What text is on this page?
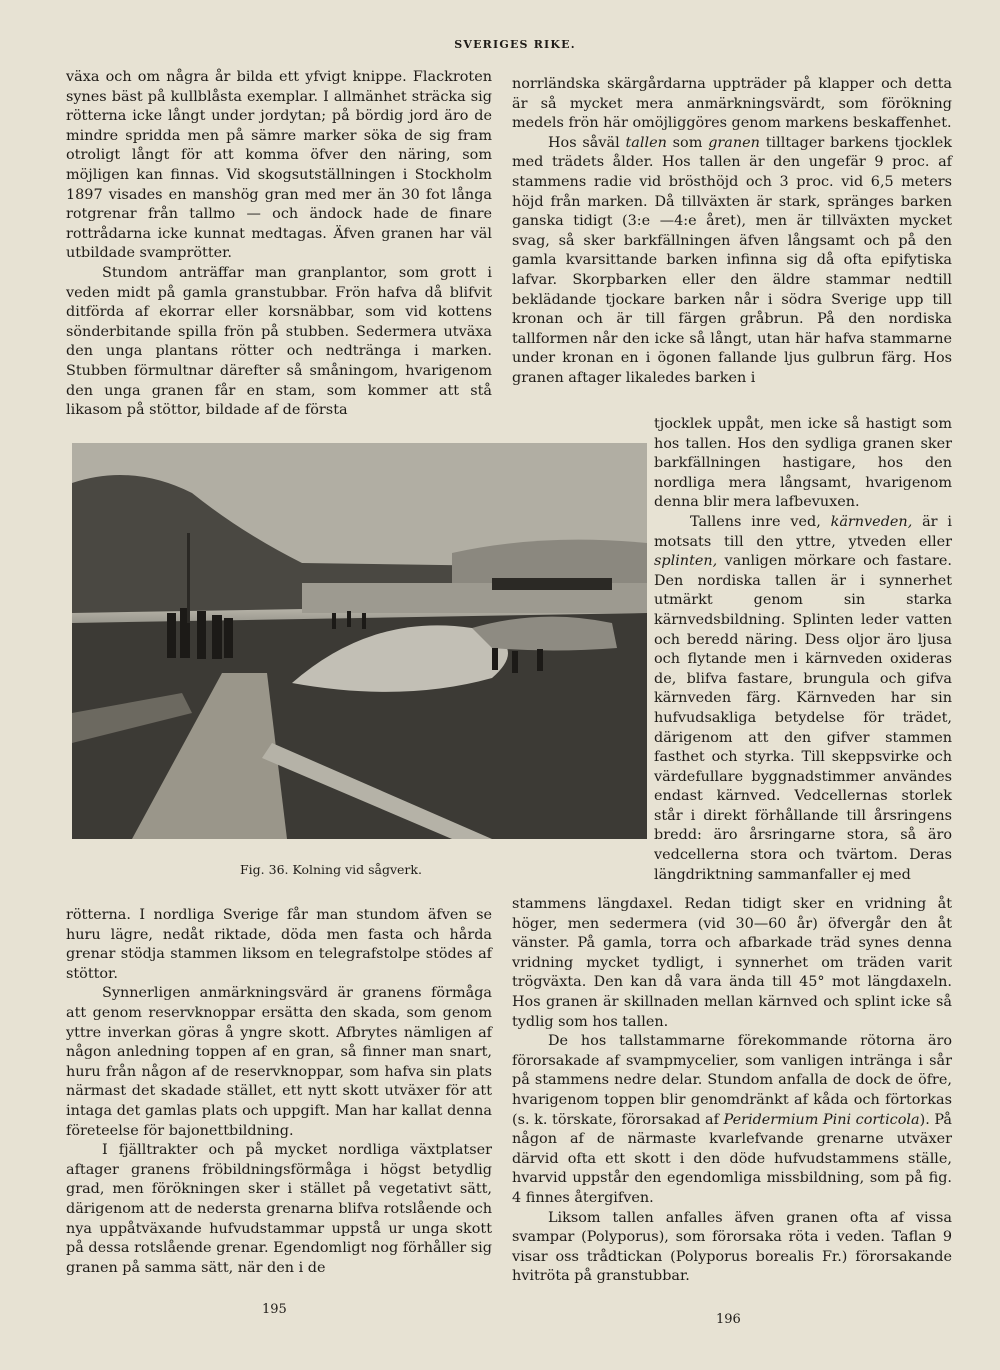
SVERIGES RIKE.

växa och om några år bilda ett yfvigt knippe. Flackroten synes bäst på kullblåsta exemplar. I allmänhet sträcka sig rötterna icke långt under jordytan; på bördig jord äro de mindre spridda men på sämre marker söka de sig fram otroligt långt för att komma öfver den näring, som möjligen kan finnas. Vid skogsutställningen i Stockholm 1897 visades en manshög gran med mer än 30 fot långa rotgrenar från tallmo — och ändock hade de finare rottrådarna icke kunnat medtagas. Äfven granen har väl utbildade svamprötter.

Stundom anträffar man granplantor, som grott i veden midt på gamla granstubbar. Frön hafva då blifvit ditförda af ekorrar eller korsnäbbar, som vid kottens sönderbitande spilla frön på stubben. Sedermera utväxa den unga plantans rötter och nedtränga i marken. Stubben förmultnar därefter så småningom, hvarigenom den unga granen får en stam, som kommer att stå likasom på stöttor, bildade af de första

Fig. 36. Kolning vid sågverk.

rötterna. I nordliga Sverige får man stundom äfven se huru lägre, nedåt riktade, döda men fasta och hårda grenar stödja stammen liksom en telegrafstolpe stödes af stöttor.

Synnerligen anmärkningsvärd är granens förmåga att genom reservknoppar ersätta den skada, som genom yttre inverkan göras å yngre skott. Afbrytes nämligen af någon anledning toppen af en gran, så finner man snart, huru från någon af de reservknoppar, som hafva sin plats närmast det skadade stället, ett nytt skott utväxer för att intaga det gamlas plats och uppgift. Man har kallat denna företeelse för bajonettbildning.

I fjälltrakter och på mycket nordliga växtplatser aftager granens fröbildningsförmåga i högst betydlig grad, men förökningen sker i stället på vegetativt sätt, därigenom att de nedersta grenarna blifva rotslående och nya uppåtväxande hufvudstammar uppstå ur unga skott på dessa rotslående grenar. Egendomligt nog förhåller sig granen på samma sätt, när den i de

norrländska skärgårdarna uppträder på klapper och detta är så mycket mera anmärkningsvärdt, som förökning medels frön här omöjliggöres genom markens beskaffenhet.

Hos såväl tallen som granen tilltager barkens tjocklek med trädets ålder. Hos tallen är den ungefär 9 proc. af stammens radie vid brösthöjd och 3 proc. vid 6,5 meters höjd från marken. Då tillväxten är stark, spränges barken ganska tidigt (3:e —4:e året), men är tillväxten mycket svag, så sker barkfällningen äfven långsamt och på den gamla kvarsittande barken infinna sig då ofta epifytiska lafvar. Skorpbarken eller den äldre stammar nedtill beklädande tjockare barken når i södra Sverige upp till kronan och är till färgen gråbrun. På den nordiska tallformen når den icke så långt, utan här hafva stammarne under kronan en i ögonen fallande ljus gulbrun färg. Hos granen aftager likaledes barken i

tjocklek uppåt, men icke så hastigt som hos tallen. Hos den sydliga granen sker barkfällningen hastigare, hos den nordliga mera långsamt, hvarigenom denna blir mera lafbevuxen.

Tallens inre ved, kärnveden, är i motsats till den yttre, ytveden eller splinten, vanligen mörkare och fastare. Den nordiska tallen är i synnerhet utmärkt genom sin starka kärnvedsbildning. Splinten leder vatten och beredd näring. Dess oljor äro ljusa och flytande men i kärnveden oxideras de, blifva fastare, brungula och gifva kärnveden färg. Kärnveden har sin hufvudsakliga betydelse för trädet, därigenom att den gifver stammen fasthet och styrka. Till skeppsvirke och värdefullare byggnadstimmer användes endast kärnved. Vedcellernas storlek står i direkt förhållande till årsringens bredd: äro årsringarne stora, så äro vedcellerna stora och tvärtom. Deras längdriktning sammanfaller ej med

stammens längdaxel. Redan tidigt sker en vridning åt höger, men sedermera (vid 30—60 år) öfvergår den åt vänster. På gamla, torra och afbarkade träd synes denna vridning mycket tydligt, i synnerhet om träden varit trögväxta. Den kan då vara ända till 45° mot längdaxeln. Hos granen är skillnaden mellan kärnved och splint icke så tydlig som hos tallen.

De hos tallstammarne förekommande rötorna äro förorsakade af svampmycelier, som vanligen intränga i sår på stammens nedre delar. Stundom anfalla de dock de öfre, hvarigenom toppen blir genomdränkt af kåda och förtorkas (s. k. törskate, förorsakad af Peridermium Pini corticola). På någon af de närmaste kvarlefvande grenarne utväxer därvid ofta ett skott i den döde hufvudstammens ställe, hvarvid uppstår den egendomliga missbildning, som på fig. 4 finnes återgifven.

Liksom tallen anfalles äfven granen ofta af vissa svampar (Polyporus), som förorsaka röta i veden. Taflan 9 visar oss trådtickan (Polyporus borealis Fr.) förorsakande hvitröta på granstubbar.

195
196
